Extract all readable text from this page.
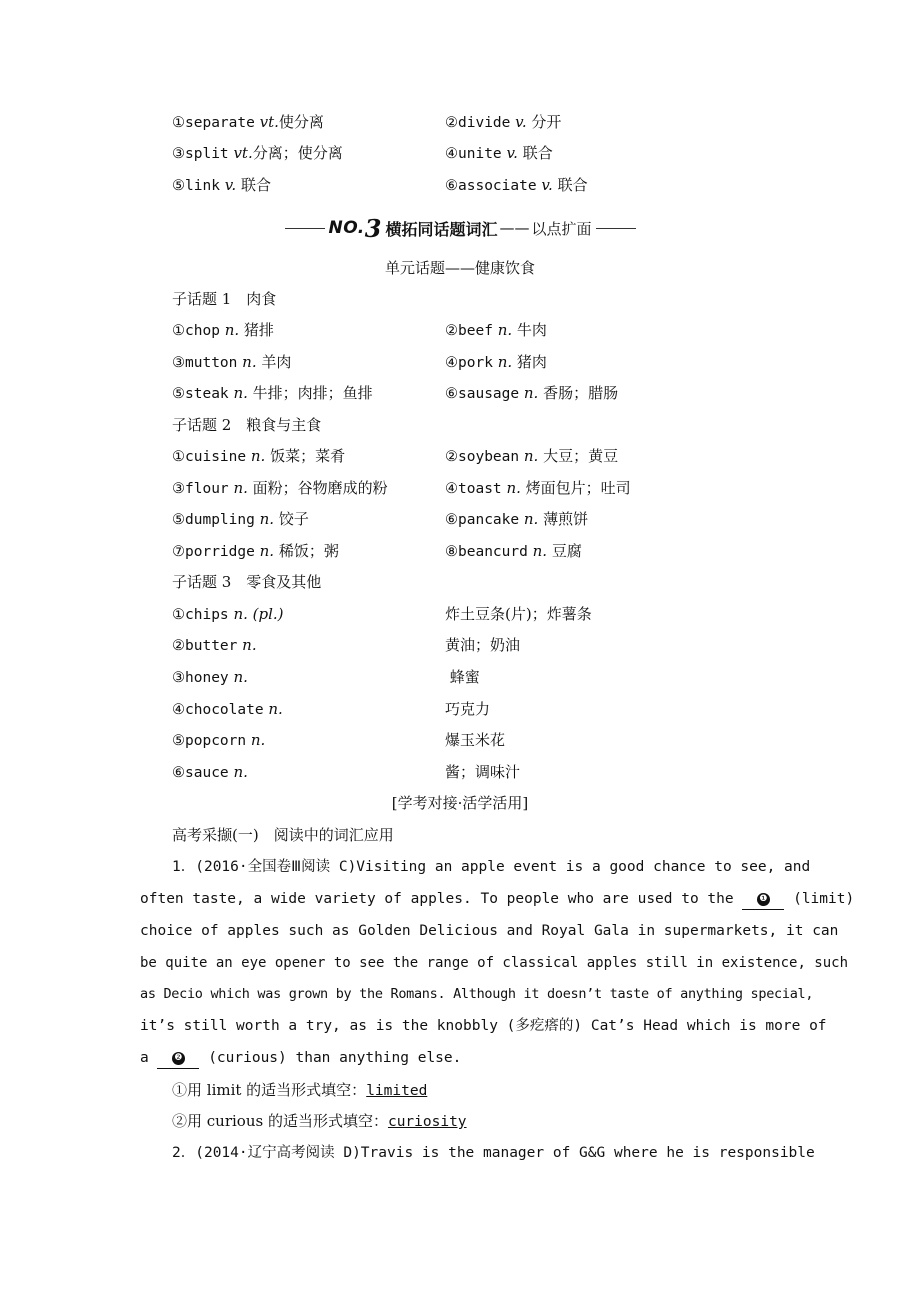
①separate vt.使分离	②divide v. 分开
③split vt.分离；使分离	④unite v. 联合
⑤link v. 联合	⑥associate v. 联合
NO. 3 横拓同话题词汇 —— 以点扩面
单元话题——健康饮食
子话题 1　肉食
①chop n. 猪排	②beef n. 牛肉
③mutton n. 羊肉	④pork n. 猪肉
⑤steak n. 牛排；肉排；鱼排	⑥sausage n. 香肠；腊肠
子话题 2　粮食与主食
①cuisine n. 饭菜；菜肴	②soybean n. 大豆；黄豆
③flour n. 面粉；谷物磨成的粉	④toast n. 烤面包片；吐司
⑤dumpling n. 饺子	⑥pancake n. 薄煎饼
⑦porridge n. 稀饭；粥	⑧beancurd n. 豆腐
子话题 3　零食及其他
①chips n. (pl.)	炸土豆条(片)；炸薯条
②butter n.	黄油；奶油
③honey n.	蜂蜜
④chocolate n.	巧克力
⑤popcorn n.	爆玉米花
⑥sauce n.	酱；调味汁
[学考对接·活学活用]
高考采撷(一)　阅读中的词汇应用
1．(2016·全国卷Ⅲ阅读 C)Visiting an apple event is a good chance to see, and
often taste, a wide variety of apples. To people who are used to the ❶ (limit)
choice of apples such as Golden Delicious and Royal Gala in supermarkets, it can
be quite an eye opener to see the range of classical apples still in existence, such
as Decio which was grown by the Romans. Although it doesn’t taste of anything special,
it’s still worth a try, as is the knobbly (多疙瘩的) Cat’s Head which is more of
a ❷ (curious) than anything else.
①用 limit 的适当形式填空：limited
②用 curious 的适当形式填空：curiosity
2．(2014·辽宁高考阅读 D)Travis is the manager of G&G where he is responsible
